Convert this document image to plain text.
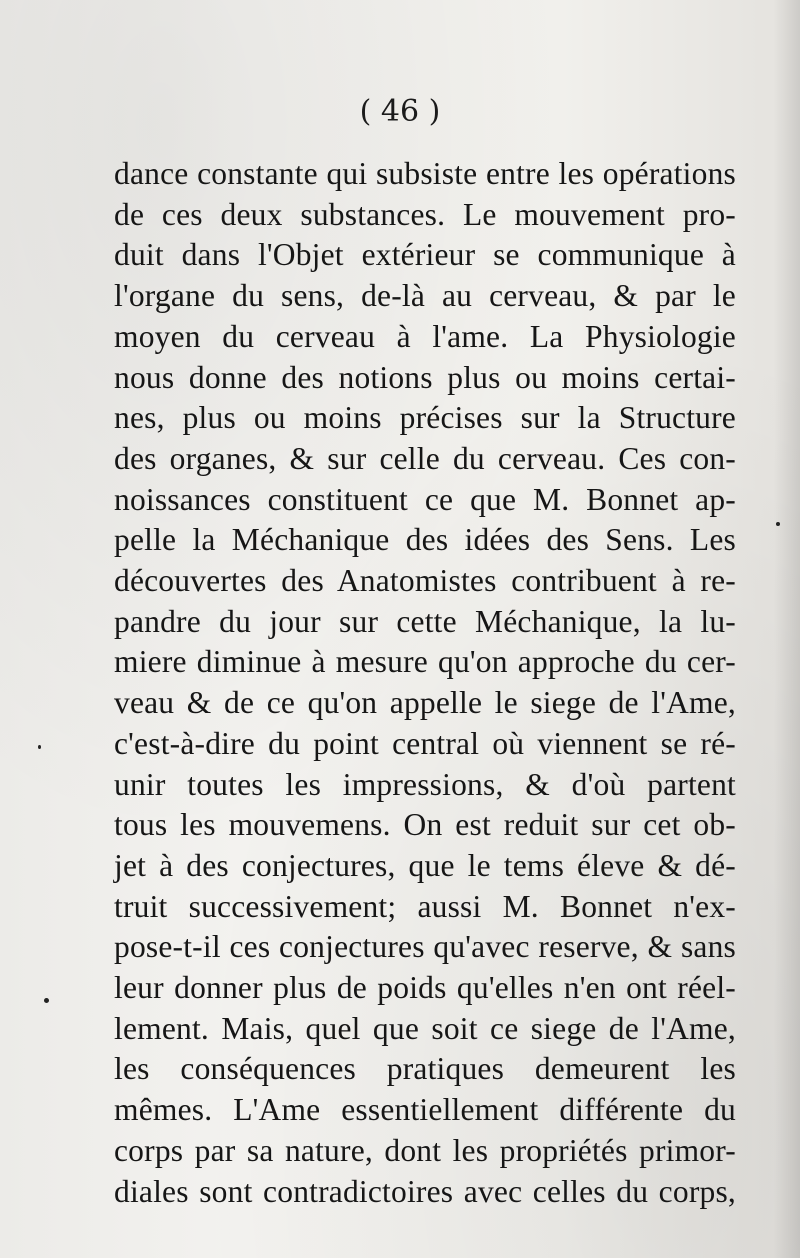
( 46 )
dance constante qui subsiste entre les opérations
de ces deux substances. Le mouvement pro-
duit dans l'Objet extérieur se communique à
l'organe du sens, de-là au cerveau, & par le
moyen du cerveau à l'ame. La Physiologie
nous donne des notions plus ou moins certai-
nes, plus ou moins précises sur la Structure
des organes, & sur celle du cerveau. Ces con-
noissances constituent ce que M. Bonnet ap-
pelle la Méchanique des idées des Sens. Les
découvertes des Anatomistes contribuent à re-
pandre du jour sur cette Méchanique, la lu-
miere diminue à mesure qu'on approche du cer-
veau & de ce qu'on appelle le siege de l'Ame,
c'est-à-dire du point central où viennent se ré-
unir toutes les impressions, & d'où partent
tous les mouvemens. On est reduit sur cet ob-
jet à des conjectures, que le tems éleve & dé-
truit successivement; aussi M. Bonnet n'ex-
pose-t-il ces conjectures qu'avec reserve, & sans
leur donner plus de poids qu'elles n'en ont réel-
lement. Mais, quel que soit ce siege de l'Ame,
les conséquences pratiques demeurent les
mêmes. L'Ame essentiellement différente du
corps par sa nature, dont les propriétés primor-
diales sont contradictoires avec celles du corps,
